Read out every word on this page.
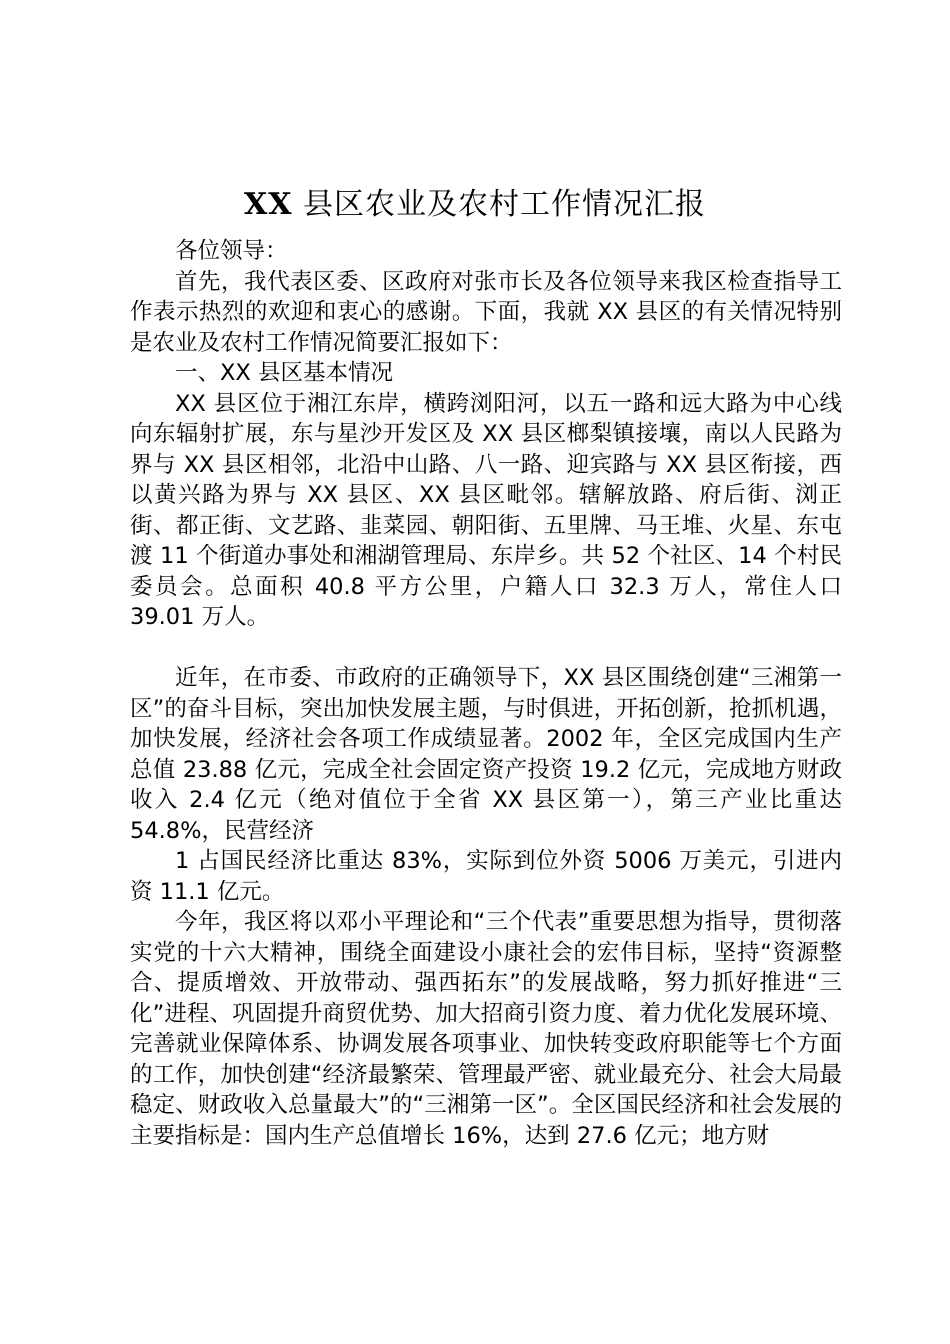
XX 县区农业及农村工作情况汇报

各位领导：

首先，我代表区委、区政府对张市长及各位领导来我区检查指导工作表示热烈的欢迎和衷心的感谢。下面，我就 XX 县区的有关情况特别是农业及农村工作情况简要汇报如下：

一、XX 县区基本情况

XX 县区位于湘江东岸，横跨浏阳河，以五一路和远大路为中心线向东辐射扩展，东与星沙开发区及 XX 县区榔梨镇接壤，南以人民路为界与 XX 县区相邻，北沿中山路、八一路、迎宾路与 XX 县区衔接，西以黄兴路为界与 XX 县区、XX 县区毗邻。辖解放路、府后街、浏正街、都正街、文艺路、韭菜园、朝阳街、五里牌、马王堆、火星、东屯渡 11 个街道办事处和湘湖管理局、东岸乡。共 52 个社区、14 个村民委员会。总面积 40.8 平方公里，户籍人口 32.3 万人，常住人口 39.01 万人。

近年，在市委、市政府的正确领导下，XX 县区围绕创建“三湘第一区”的奋斗目标，突出加快发展主题，与时俱进，开拓创新，抢抓机遇，加快发展，经济社会各项工作成绩显著。2002 年，全区完成国内生产总值 23.88 亿元，完成全社会固定资产投资 19.2 亿元，完成地方财政收入 2.4 亿元（绝对值位于全省 XX 县区第一），第三产业比重达 54.8%，民营经济

1 占国民经济比重达 83%，实际到位外资 5006 万美元，引进内资 11.1 亿元。

今年，我区将以邓小平理论和“三个代表”重要思想为指导，贯彻落实党的十六大精神，围绕全面建设小康社会的宏伟目标，坚持“资源整合、提质增效、开放带动、强西拓东”的发展战略，努力抓好推进“三化”进程、巩固提升商贸优势、加大招商引资力度、着力优化发展环境、完善就业保障体系、协调发展各项事业、加快转变政府职能等七个方面的工作，加快创建“经济最繁荣、管理最严密、就业最充分、社会大局最稳定、财政收入总量最大”的“三湘第一区”。全区国民经济和社会发展的主要指标是：国内生产总值增长 16%，达到 27.6 亿元；地方财
